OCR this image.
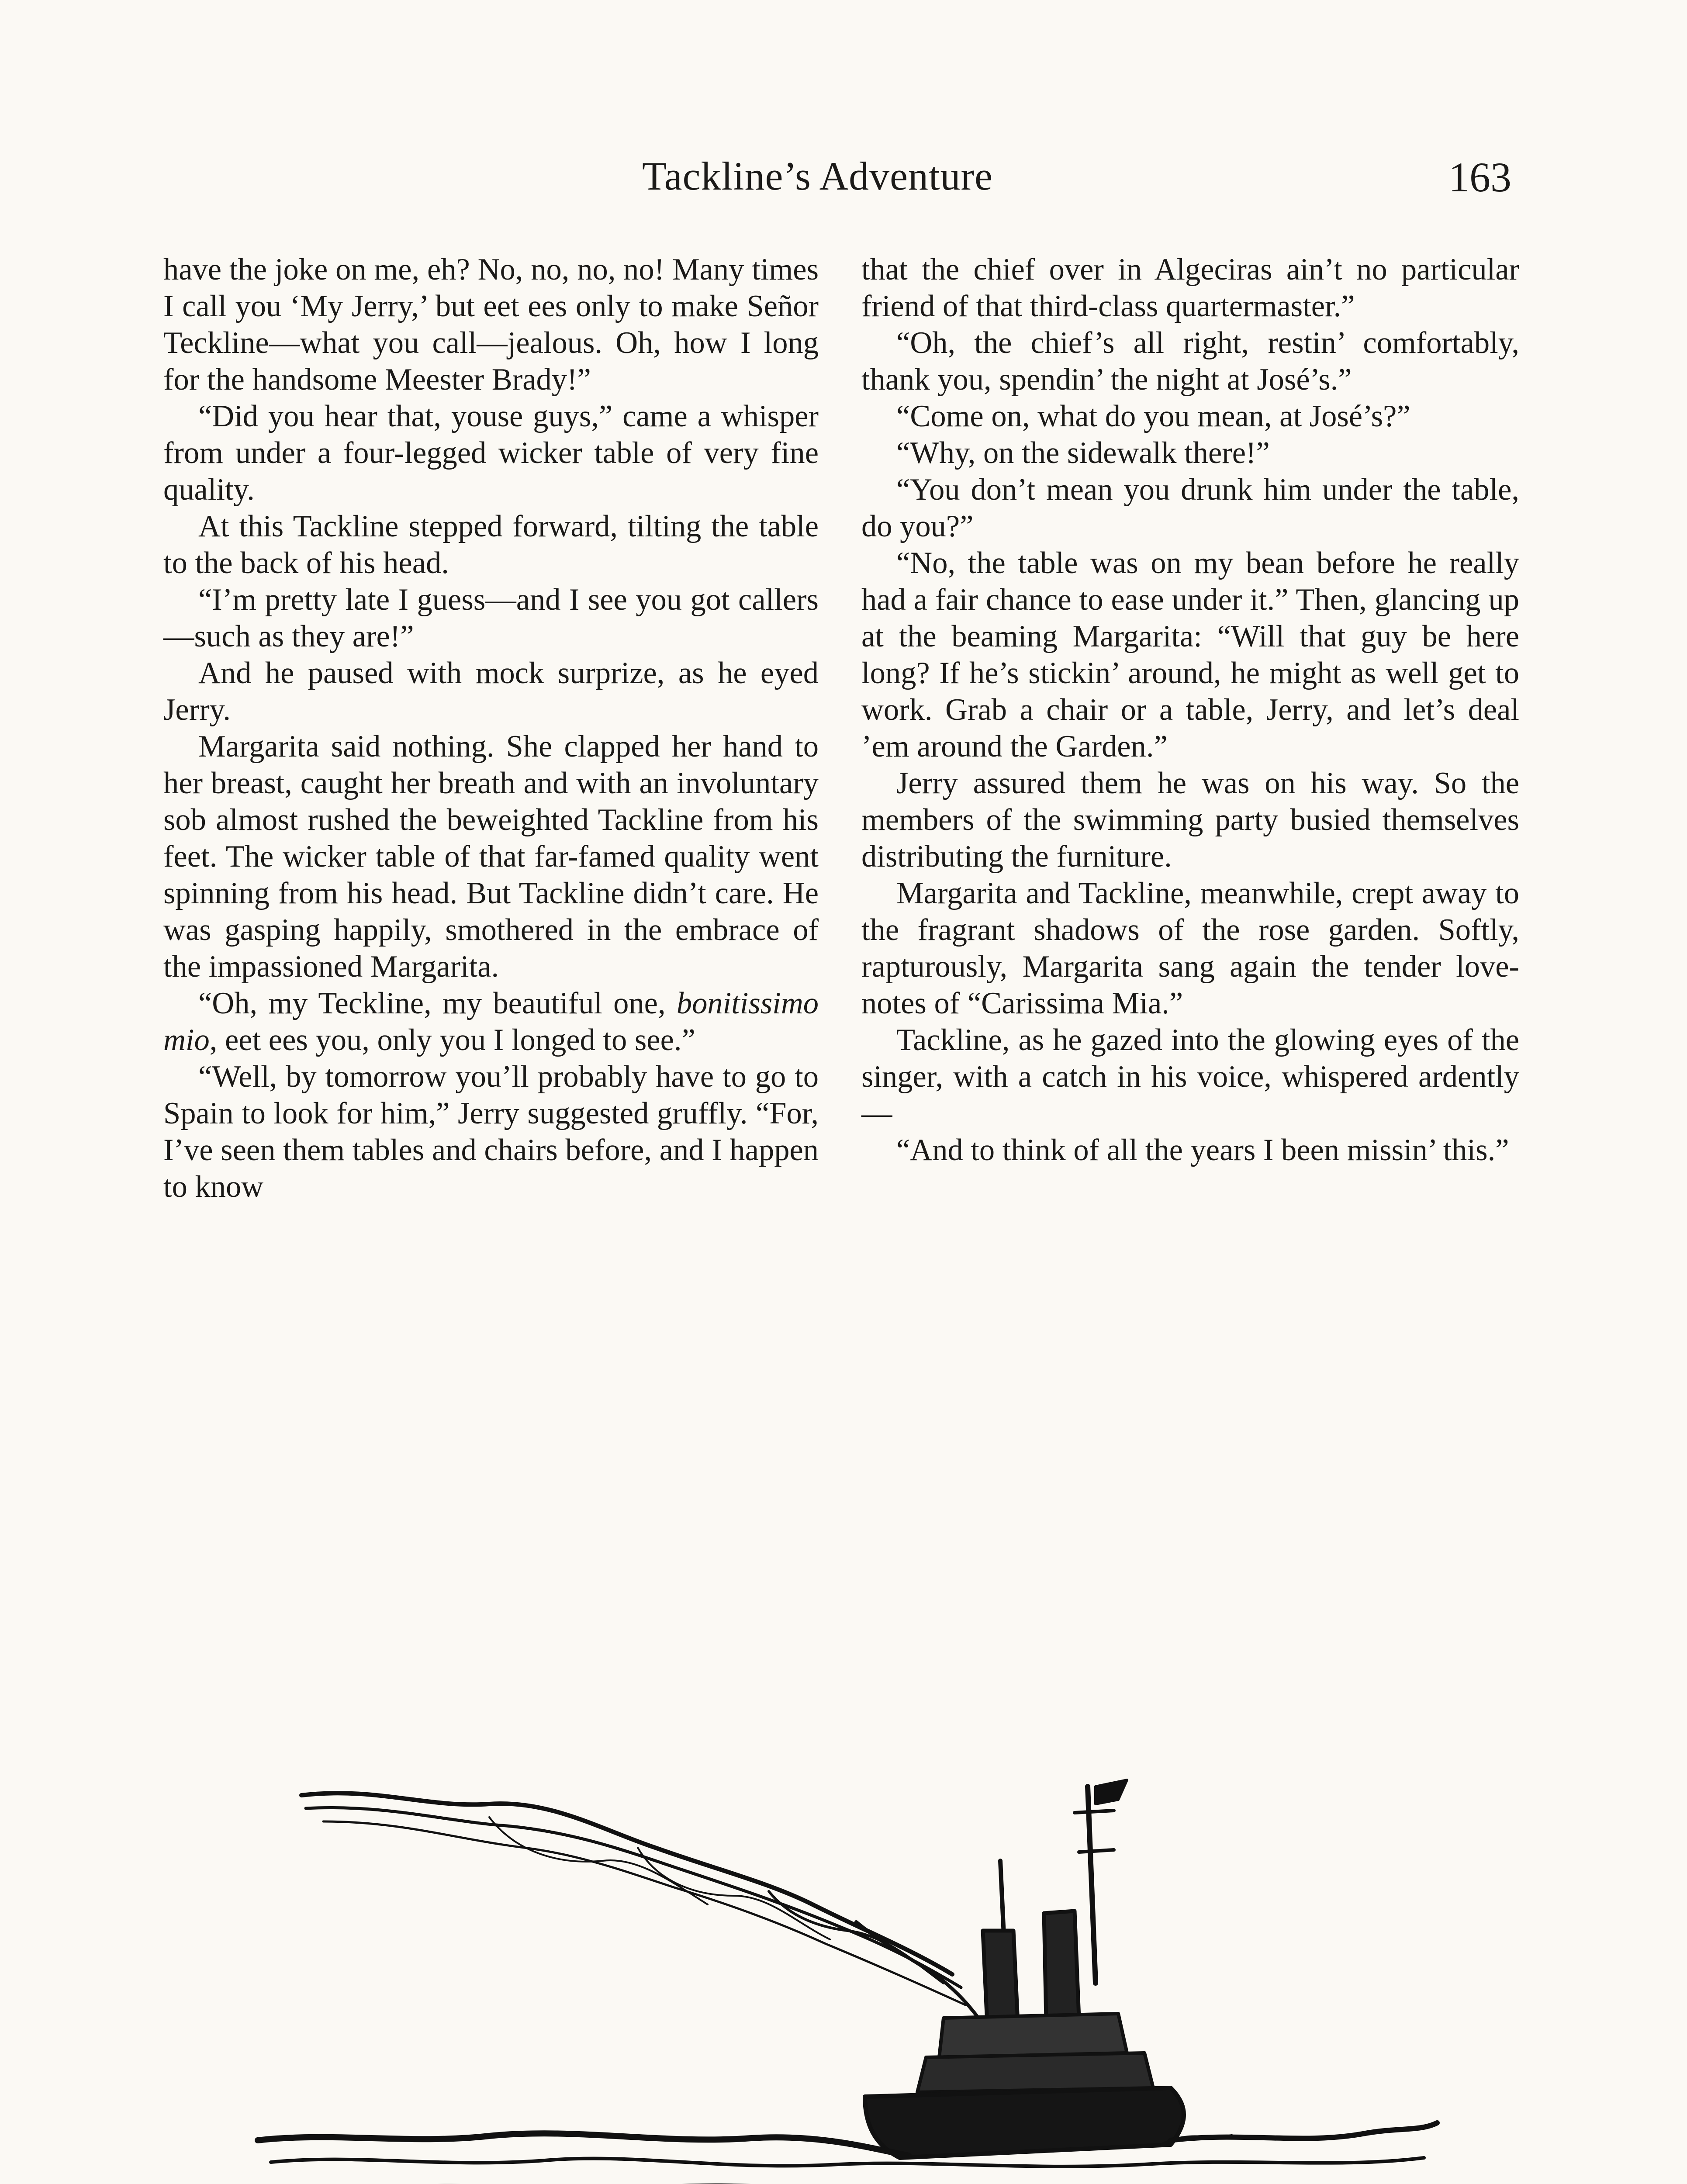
Tackline’s Adventure	163

have the joke on me, eh? No, no, no, no! Many times I call you ‘My Jerry,’ but eet ees only to make Señor Teckline—what you call—jealous. Oh, how I long for the handsome Meester Brady!”

“Did you hear that, youse guys,” came a whisper from under a four-legged wicker table of very fine quality.

At this Tackline stepped forward, tilting the table to the back of his head.

“I’m pretty late I guess—and I see you got callers—such as they are!”

And he paused with mock surprize, as he eyed Jerry.

Margarita said nothing. She clapped her hand to her breast, caught her breath and with an involuntary sob almost rushed the beweighted Tackline from his feet. The wicker table of that far-famed quality went spinning from his head. But Tackline didn’t care. He was gasping happily, smothered in the embrace of the impassioned Margarita.

“Oh, my Teckline, my beautiful one, bonitissimo mio, eet ees you, only you I longed to see.”

“Well, by tomorrow you’ll probably have to go to Spain to look for him,” Jerry suggested gruffly. “For, I’ve seen them tables and chairs before, and I happen to know

that the chief over in Algeciras ain’t no particular friend of that third-class quartermaster.”

“Oh, the chief’s all right, restin’ comfortably, thank you, spendin’ the night at José’s.”

“Come on, what do you mean, at José’s?”

“Why, on the sidewalk there!”

“You don’t mean you drunk him under the table, do you?”

“No, the table was on my bean before he really had a fair chance to ease under it.” Then, glancing up at the beaming Margarita: “Will that guy be here long? If he’s stickin’ around, he might as well get to work. Grab a chair or a table, Jerry, and let’s deal ’em around the Garden.”

Jerry assured them he was on his way. So the members of the swimming party busied themselves distributing the furniture.

Margarita and Tackline, meanwhile, crept away to the fragrant shadows of the rose garden. Softly, rapturously, Margarita sang again the tender love-notes of “Carissima Mia.”

Tackline, as he gazed into the glowing eyes of the singer, with a catch in his voice, whispered ardently—

“And to think of all the years I been missin’ this.”
